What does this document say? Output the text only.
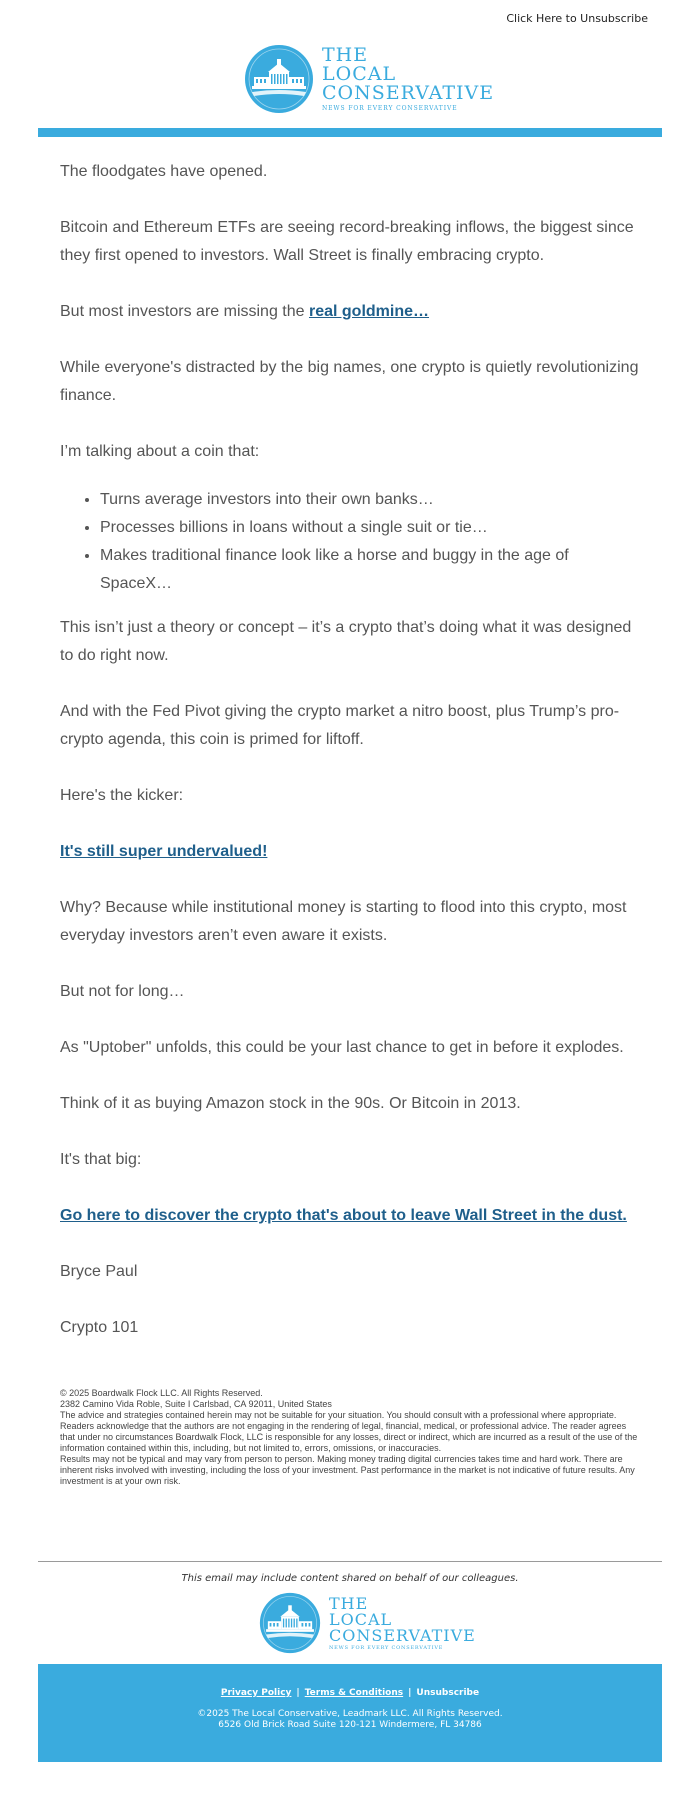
Click Here to Unsubscribe
THE
LOCAL
CONSERVATIVE
NEWS FOR EVERY CONSERVATIVE

The floodgates have opened.

Bitcoin and Ethereum ETFs are seeing record-breaking inflows, the biggest since they first opened to investors. Wall Street is finally embracing crypto.

But most investors are missing the real goldmine…

While everyone's distracted by the big names, one crypto is quietly revolutionizing finance.

I’m talking about a coin that:

• Turns average investors into their own banks…
• Processes billions in loans without a single suit or tie…
• Makes traditional finance look like a horse and buggy in the age of SpaceX…

This isn’t just a theory or concept – it’s a crypto that’s doing what it was designed to do right now.

And with the Fed Pivot giving the crypto market a nitro boost, plus Trump’s pro-crypto agenda, this coin is primed for liftoff.

Here's the kicker:

It's still super undervalued!

Why? Because while institutional money is starting to flood into this crypto, most everyday investors aren’t even aware it exists.

But not for long…

As "Uptober" unfolds, this could be your last chance to get in before it explodes.

Think of it as buying Amazon stock in the 90s. Or Bitcoin in 2013.

It's that big:

Go here to discover the crypto that's about to leave Wall Street in the dust.

Bryce Paul

Crypto 101

© 2025 Boardwalk Flock LLC. All Rights Reserved.
2382 Camino Vida Roble, Suite I Carlsbad, CA 92011, United States
The advice and strategies contained herein may not be suitable for your situation. You should consult with a professional where appropriate. Readers acknowledge that the authors are not engaging in the rendering of legal, financial, medical, or professional advice. The reader agrees that under no circumstances Boardwalk Flock, LLC is responsible for any losses, direct or indirect, which are incurred as a result of the use of the information contained within this, including, but not limited to, errors, omissions, or inaccuracies.
Results may not be typical and may vary from person to person. Making money trading digital currencies takes time and hard work. There are inherent risks involved with investing, including the loss of your investment. Past performance in the market is not indicative of future results. Any investment is at your own risk.
This email may include content shared on behalf of our colleagues.
THE
LOCAL
CONSERVATIVE
NEWS FOR EVERY CONSERVATIVE
Privacy Policy | Terms & Conditions | Unsubscribe
©2025 The Local Conservative, Leadmark LLC. All Rights Reserved.
6526 Old Brick Road Suite 120-121 Windermere, FL 34786
